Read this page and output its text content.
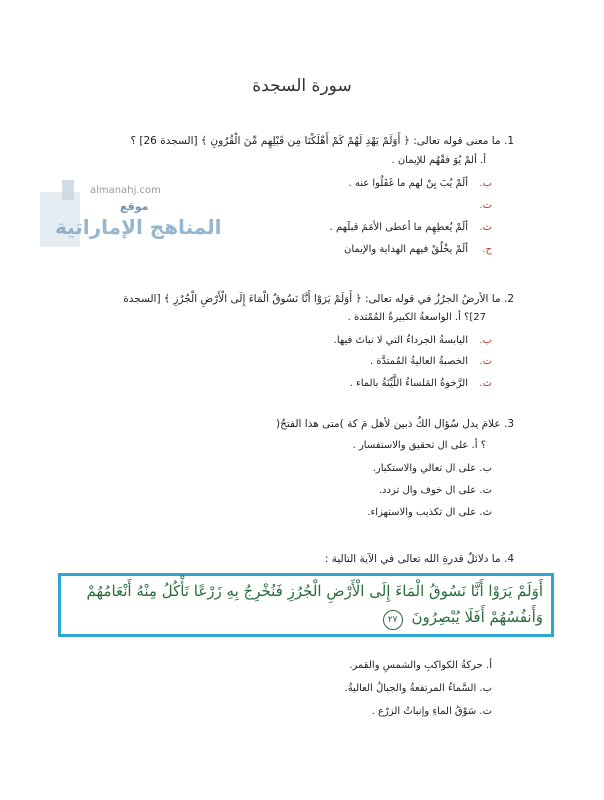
سورة السجدة
almanahj.com
موقع
المناهج الإماراتية
1. ما معنى قوله تعالى: ﴿ أَوَلَمْ يَهْدِ لَهُمْ كَمْ أَهْلَكْنَا مِن قَبْلِهِم مِّنَ الْقُرُونِ ﴾ [السجدة 26] ؟
أ. ألمْ يُوَ فقْهُم للإيمان .
ب.ألَمْ يُبَ يِنْ لهم ما غَفَلُوا عنه .
ت.
ث.ألَمْ يُعطِهِم ما أعطى الأمَمَ قبلَهم .
ج.ألَمْ يخْلُقْ فيهم الهداية والإيمان
2. ما الأرضُ الجرُزُ في قوله تعالى: ﴿ أَوَلَمْ يَرَوْا أَنَّا نَسُوقُ الْمَاءَ إِلَى الْأَرْضِ الْجُرُزِ ﴾ [السجدة
27]؟ أ. الواسعةُ الكبيرةُ المُمْتدة .
ب.اليابسةُ الجرداءُ التي لا نباتَ فيها.
ت.الخصبةُ العاليةُ المُمتدَّة .
ث.الرَّخوةُ المَلساءُ اللَّيِّنَةُ بالماء .
3. علامَ يدل سُؤال الكُ ذبين لأهل مَ كة )متى هذا الفتحُ(
؟ أ. على ال تحقيق والاستفسار .
ب. على ال تعالي والاستكبار.
ت. على ال خوف وال تردد.
ث. على ال تكذيب والاستهزاء.
4. ما دلائلُ قدرةِ الله تعالى في الآية التالية :
أَوَلَمْ يَرَوْا أَنَّا نَسُوقُ الْمَاءَ إِلَى الْأَرْضِ الْجُرُزِ فَنُخْرِجُ بِهِ زَرْعًا تَأْكُلُ مِنْهُ أَنْعَامُهُمْ
وَأَنفُسُهُمْ أَفَلَا يُبْصِرُونَ ٢٧
أ. حركةُ الكواكبِ والشمسِ والقمر.
ب. السَّماءُ المرتفعةُ والجبالُ العاليةُ.
ت. سَوْقُ الماءِ وإنباتُ الزرْع .
